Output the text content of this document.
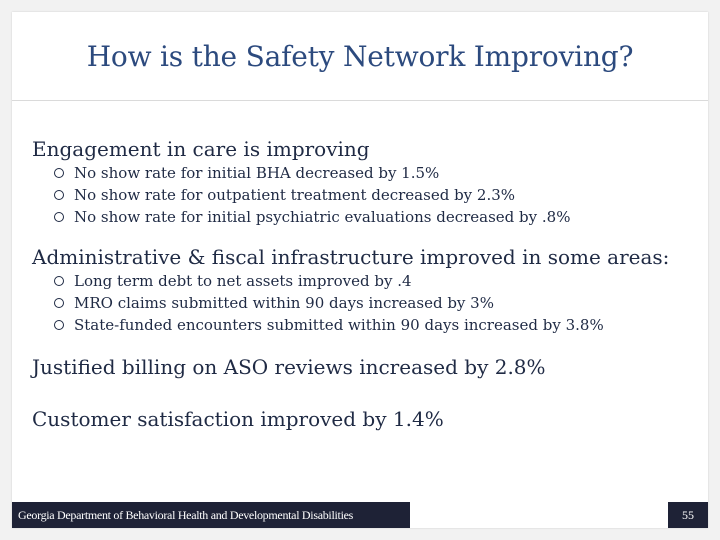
How is the Safety Network Improving?

Engagement in care is improving

No show rate for initial BHA decreased by 1.5%
No show rate for outpatient treatment decreased by 2.3%
No show rate for initial psychiatric evaluations decreased by .8%

Administrative & fiscal infrastructure improved in some areas:

Long term debt to net assets improved by .4
MRO claims submitted within 90 days increased by 3%
State-funded encounters submitted within 90 days increased by 3.8%

Justified billing on ASO reviews increased by 2.8%

Customer satisfaction improved by 1.4%

Georgia Department of Behavioral Health and Developmental Disabilities	55
